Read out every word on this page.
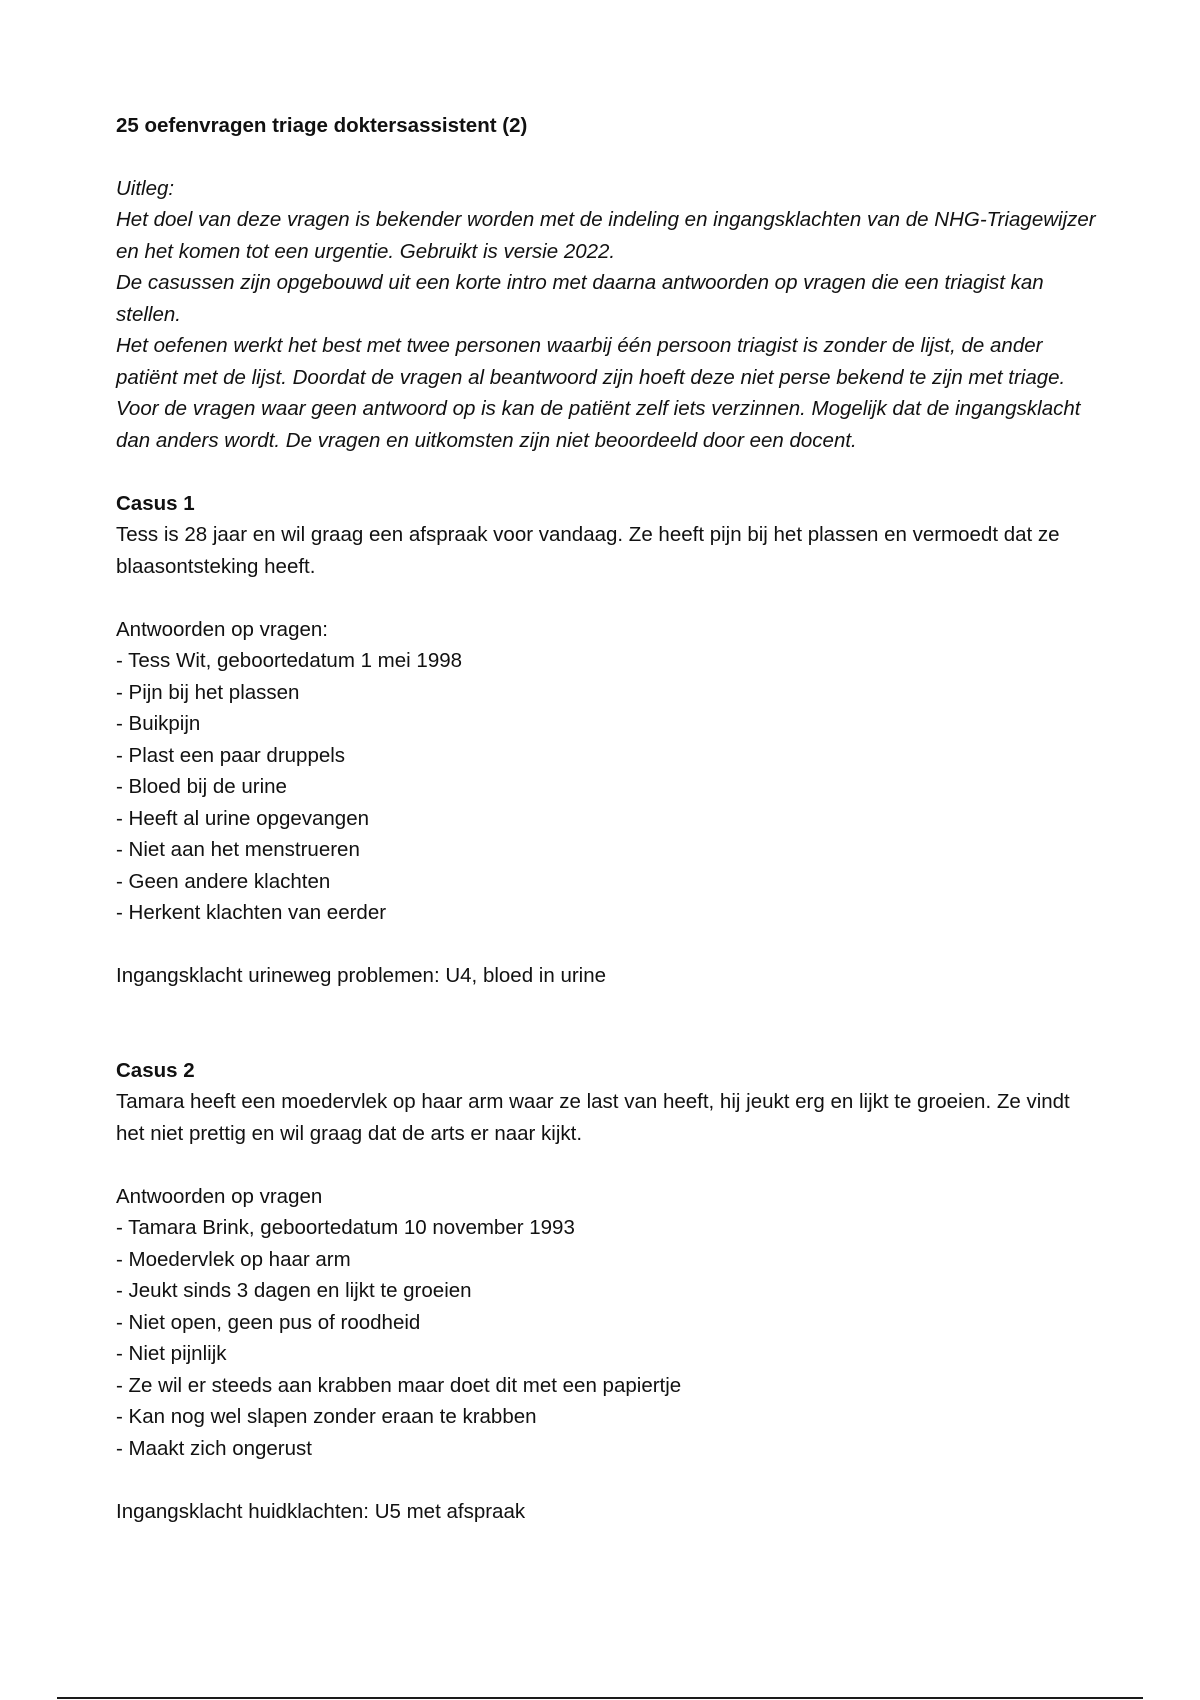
25 oefenvragen triage doktersassistent (2)

Uitleg:

Het doel van deze vragen is bekender worden met de indeling en ingangsklachten van de NHG-Triagewijzer en het komen tot een urgentie. Gebruikt is versie 2022.

De casussen zijn opgebouwd uit een korte intro met daarna antwoorden op vragen die een triagist kan stellen.

Het oefenen werkt het best met twee personen waarbij één persoon triagist is zonder de lijst, de ander patiënt met de lijst. Doordat de vragen al beantwoord zijn hoeft deze niet perse bekend te zijn met triage. Voor de vragen waar geen antwoord op is kan de patiënt zelf iets verzinnen. Mogelijk dat de ingangsklacht dan anders wordt. De vragen en uitkomsten zijn niet beoordeeld door een docent.

Casus 1
Tess is 28 jaar en wil graag een afspraak voor vandaag. Ze heeft pijn bij het plassen en vermoedt dat ze blaasontsteking heeft.
Antwoorden op vragen:
- Tess Wit, geboortedatum 1 mei 1998
- Pijn bij het plassen
- Buikpijn
- Plast een paar druppels
- Bloed bij de urine
- Heeft al urine opgevangen
- Niet aan het menstrueren
- Geen andere klachten
- Herkent klachten van eerder
Ingangsklacht urineweg problemen: U4, bloed in urine
Casus 2
Tamara heeft een moedervlek op haar arm waar ze last van heeft, hij jeukt erg en lijkt te groeien. Ze vindt het niet prettig en wil graag dat de arts er naar kijkt.
Antwoorden op vragen
- Tamara Brink, geboortedatum 10 november 1993
- Moedervlek op haar arm
- Jeukt sinds 3 dagen en lijkt te groeien
- Niet open, geen pus of roodheid
- Niet pijnlijk
- Ze wil er steeds aan krabben maar doet dit met een papiertje
- Kan nog wel slapen zonder eraan te krabben
- Maakt zich ongerust
Ingangsklacht huidklachten: U5 met afspraak
